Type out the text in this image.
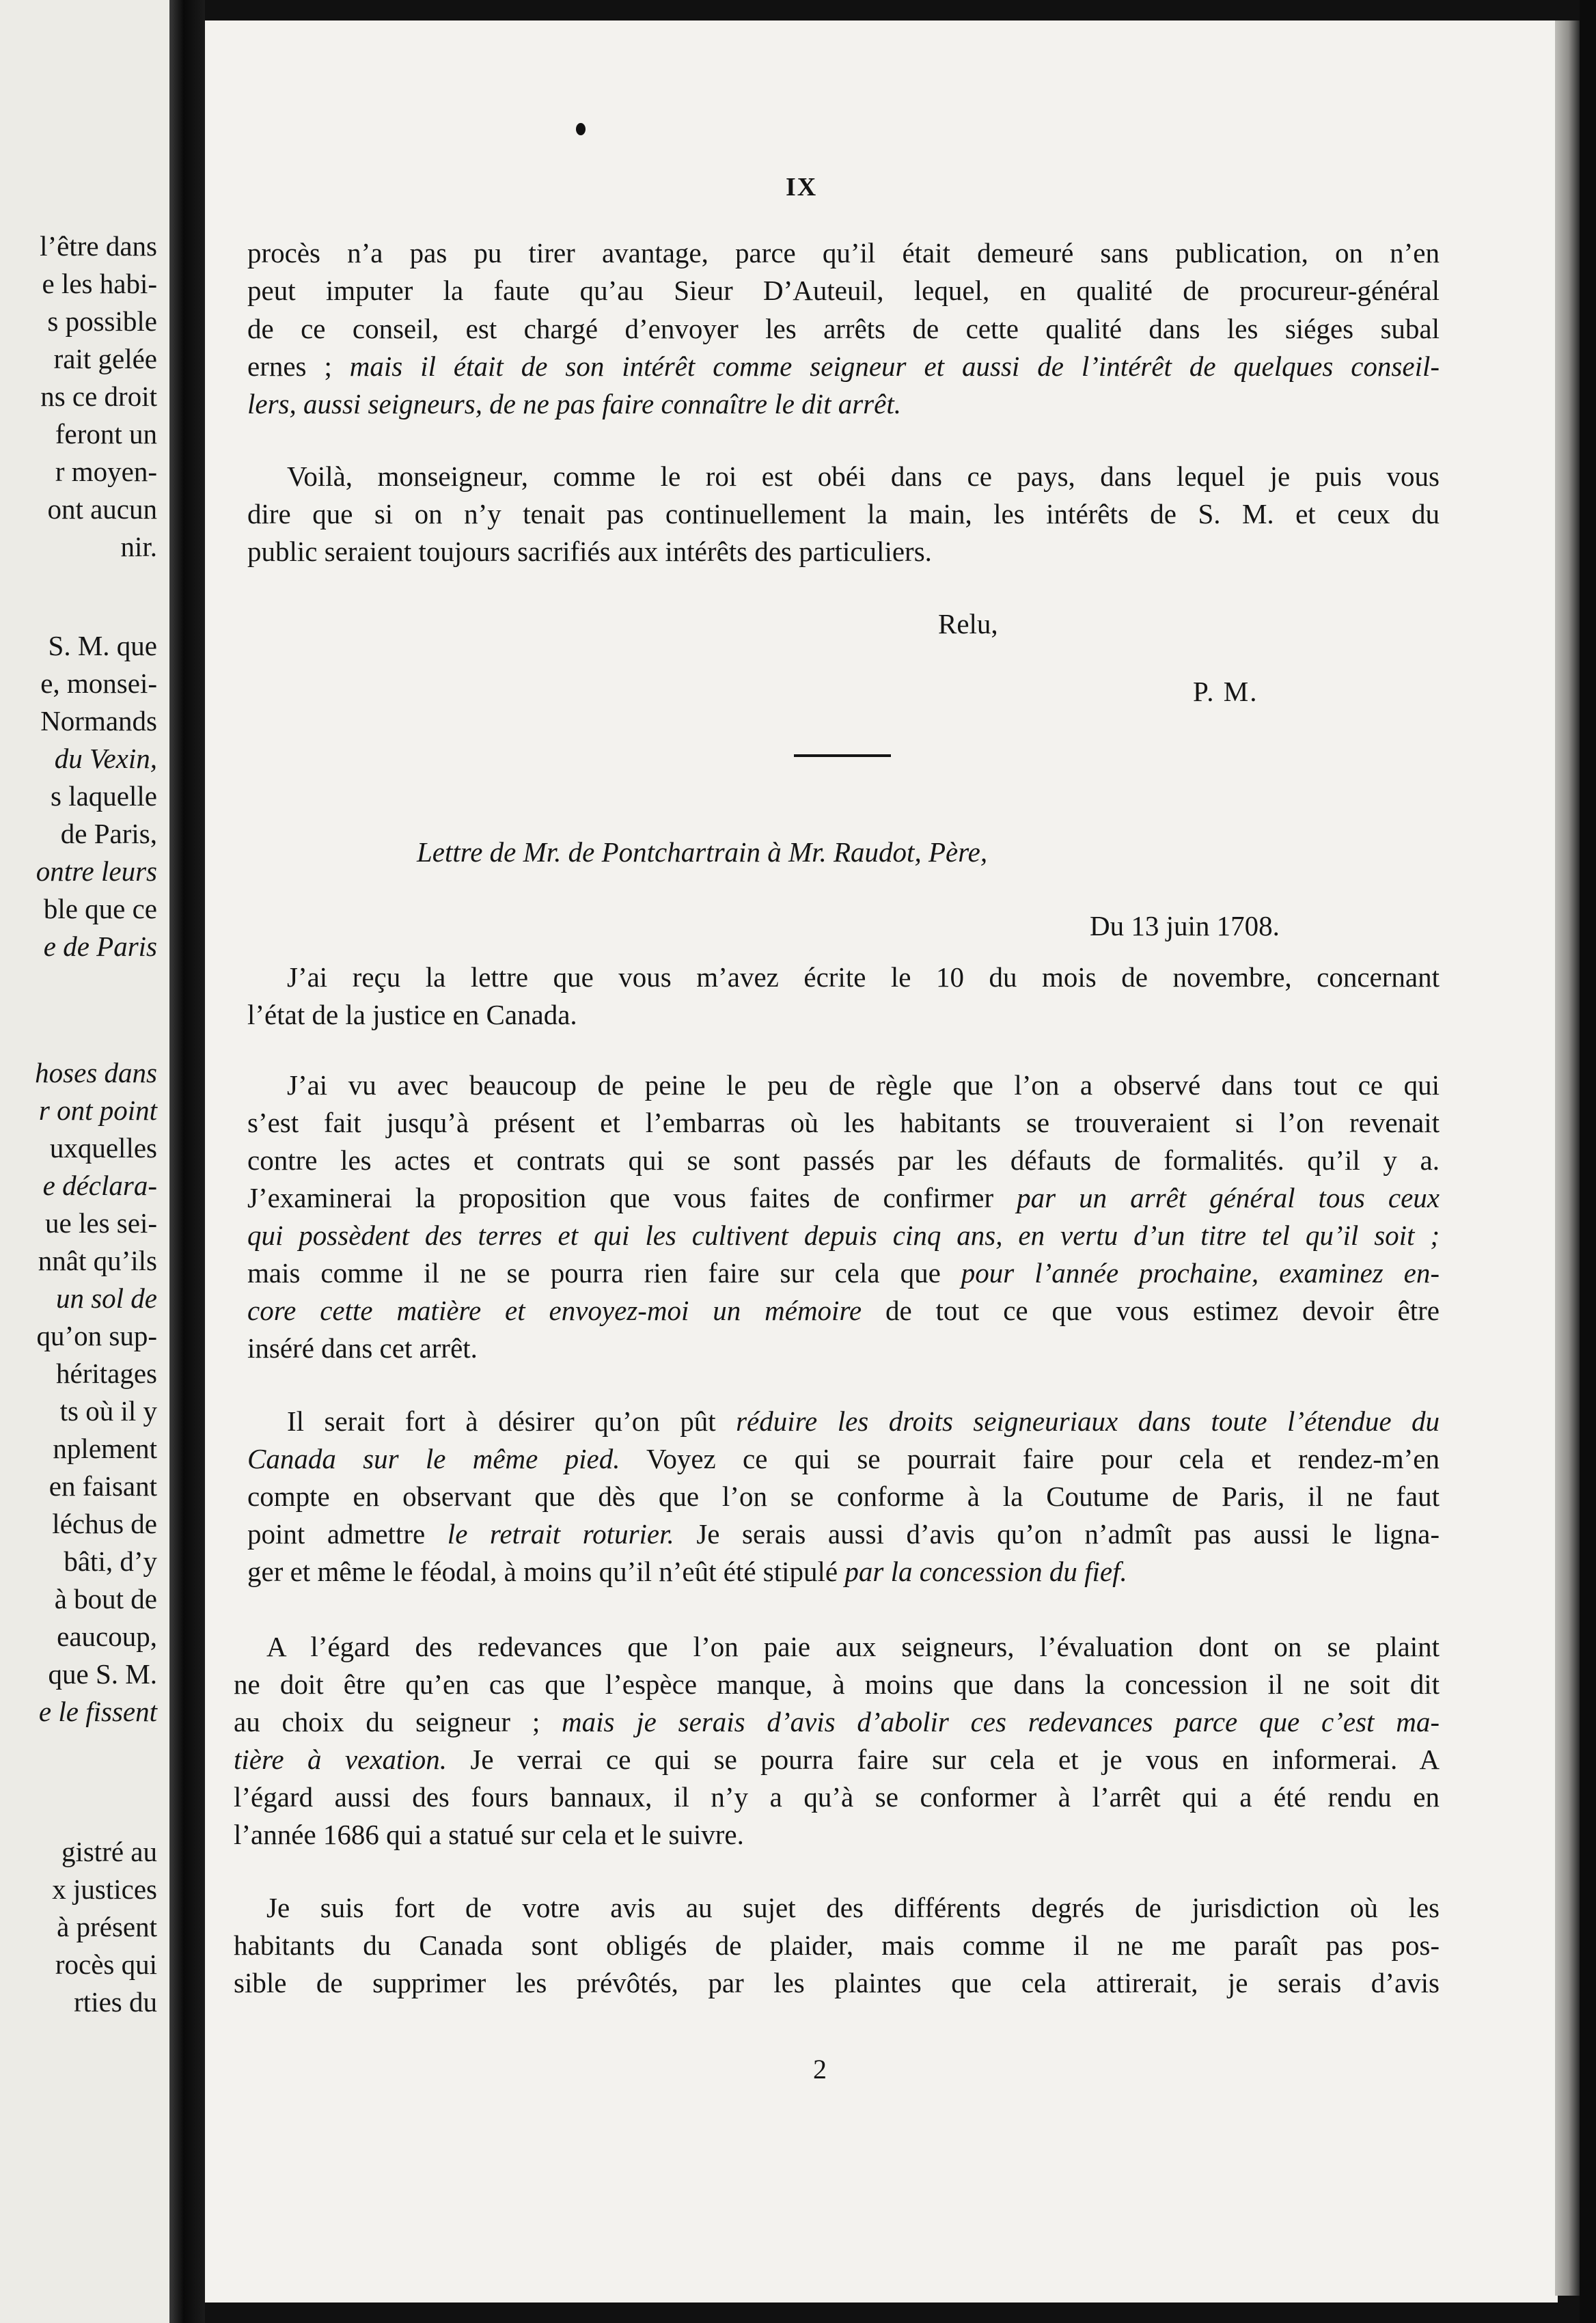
l’être dans
e les habi-
s possible
rait gelée
ns ce droit
feront un
r moyen-
ont aucun
nir.
S. M. que
e, monsei-
Normands
du Vexin,
s laquelle
de Paris,
ontre leurs
ble que ce
e de Paris
hoses dans
r ont point
uxquelles
e déclara-
ue les sei-
nnât qu’ils
un sol de
qu’on sup-
héritages
ts où il y
nplement
en faisant
léchus de
bâti, d’y
à bout de
eaucoup,
que S. M.
e le fissent
gistré au
x justices
à présent
rocès qui
rties du
IX
procès n’a pas pu tirer avantage, parce qu’il était demeuré sans publication, on n’en
peut imputer la faute qu’au Sieur D’Auteuil, lequel, en qualité de procureur-général
de ce conseil, est chargé d’envoyer les arrêts de cette qualité dans les siéges subal
ernes ; mais il était de son intérêt comme seigneur et aussi de l’intérêt de quelques conseil-
lers, aussi seigneurs, de ne pas faire connaître le dit arrêt.
Voilà, monseigneur, comme le roi est obéi dans ce pays, dans lequel je puis vous
dire que si on n’y tenait pas continuellement la main, les intérêts de S. M. et ceux du
public seraient toujours sacrifiés aux intérêts des particuliers.
Relu,
P. M.
Lettre de Mr. de Pontchartrain à Mr. Raudot, Père,
Du 13 juin 1708.
J’ai reçu la lettre que vous m’avez écrite le 10 du mois de novembre, concernant
l’état de la justice en Canada.
J’ai vu avec beaucoup de peine le peu de règle que l’on a observé dans tout ce qui
s’est fait jusqu’à présent et l’embarras où les habitants se trouveraient si l’on revenait
contre les actes et contrats qui se sont passés par les défauts de formalités. qu’il y a.
J’examinerai la proposition que vous faites de confirmer par un arrêt général tous ceux
qui possèdent des terres et qui les cultivent depuis cinq ans, en vertu d’un titre tel qu’il soit ;
mais comme il ne se pourra rien faire sur cela que pour l’année prochaine, examinez en-
core cette matière et envoyez-moi un mémoire de tout ce que vous estimez devoir être
inséré dans cet arrêt.
Il serait fort à désirer qu’on pût réduire les droits seigneuriaux dans toute l’étendue du
Canada sur le même pied. Voyez ce qui se pourrait faire pour cela et rendez-m’en
compte en observant que dès que l’on se conforme à la Coutume de Paris, il ne faut
point admettre le retrait roturier. Je serais aussi d’avis qu’on n’admît pas aussi le ligna-
ger et même le féodal, à moins qu’il n’eût été stipulé par la concession du fief.
A l’égard des redevances que l’on paie aux seigneurs, l’évaluation dont on se plaint
ne doit être qu’en cas que l’espèce manque, à moins que dans la concession il ne soit dit
au choix du seigneur ; mais je serais d’avis d’abolir ces redevances parce que c’est ma-
tière à vexation. Je verrai ce qui se pourra faire sur cela et je vous en informerai. A
l’égard aussi des fours bannaux, il n’y a qu’à se conformer à l’arrêt qui a été rendu en
l’année 1686 qui a statué sur cela et le suivre.
Je suis fort de votre avis au sujet des différents degrés de jurisdiction où les
habitants du Canada sont obligés de plaider, mais comme il ne me paraît pas pos-
sible de supprimer les prévôtés, par les plaintes que cela attirerait, je serais d’avis
2
